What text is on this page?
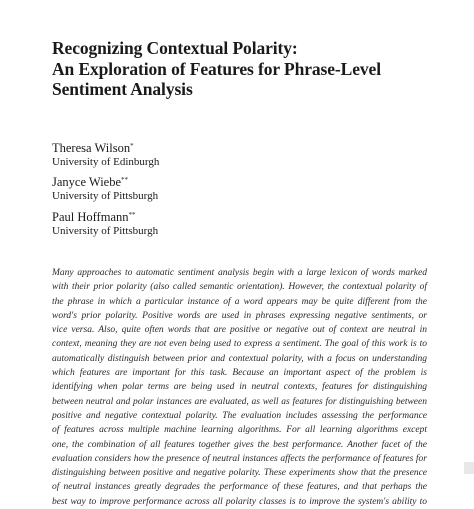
Recognizing Contextual Polarity:
An Exploration of Features for Phrase-Level
Sentiment Analysis
Theresa Wilson*
University of Edinburgh
Janyce Wiebe**
University of Pittsburgh
Paul Hoffmann**
University of Pittsburgh
Many approaches to automatic sentiment analysis begin with a large lexicon of words marked
with their prior polarity (also called semantic orientation). However, the contextual polarity of
the phrase in which a particular instance of a word appears may be quite different from the
word's prior polarity. Positive words are used in phrases expressing negative sentiments, or
vice versa. Also, quite often words that are positive or negative out of context are neutral in
context, meaning they are not even being used to express a sentiment. The goal of this work is to
automatically distinguish between prior and contextual polarity, with a focus on understanding
which features are important for this task. Because an important aspect of the problem is
identifying when polar terms are being used in neutral contexts, features for distinguishing
between neutral and polar instances are evaluated, as well as features for distinguishing between
positive and negative contextual polarity. The evaluation includes assessing the performance
of features across multiple machine learning algorithms. For all learning algorithms except
one, the combination of all features together gives the best performance. Another facet of the
evaluation considers how the presence of neutral instances affects the performance of features for
distinguishing between positive and negative polarity. These experiments show that the presence
of neutral instances greatly degrades the performance of these features, and that perhaps the
best way to improve performance across all polarity classes is to improve the system's ability to
